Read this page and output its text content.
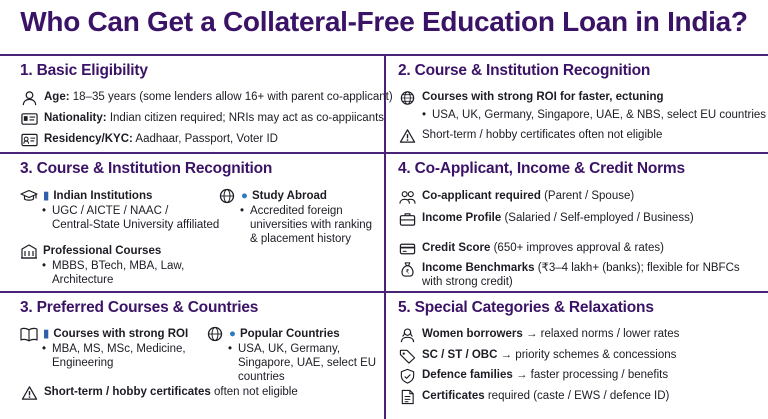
Who Can Get a Collateral-Free Education Loan in India?
1. Basic Eligibility
Age: 18–35 years (some lenders allow 16+ with parent co-applicant)
Nationality: Indian citizen required; NRIs may act as co-appiicants
Residency/KYC: Aadhaar, Passport, Voter ID
2. Course & Institution Recognition
Courses with strong ROI for faster, ectuning
• USA, UK, Germany, Singapore, UAE, & NBS, select EU countries
Short-term / hobby certificates often not eligible
3. Course & Institution Recognition
▮ Indian Institutions
• UGC / AICTE / NAAC /
Central-State University affiliated
● Study Abroad
• Accredited foreign
universities with ranking
& placement history
Professional Courses
• MBBS, BTech, MBA, Law,
Architecture
4. Co-Applicant, Income & Credit Norms
Co-applicant required (Parent / Spouse)
Income Profile (Salaried / Self-employed / Business)
Credit Score (650+ improves approval & rates)
₹ Income Benchmarks (₹3–4 lakh+ (banks); flexible for NBFCs
with strong credit)
3. Preferred Courses & Countries
▮ Courses with strong ROI
• MBA, MS, MSc, Medicine,
Engineering
● Popular Countries
• USA, UK, Germany,
Singapore, UAE, select EU
countries
Short-term / hobby certificates often not eligible
5. Special Categories & Relaxations
Women borrowers → relaxed norms / lower rates
SC / ST / OBC → priority schemes & concessions
Defence families → faster processing / benefits
Certificates required (caste / EWS / defence ID)
